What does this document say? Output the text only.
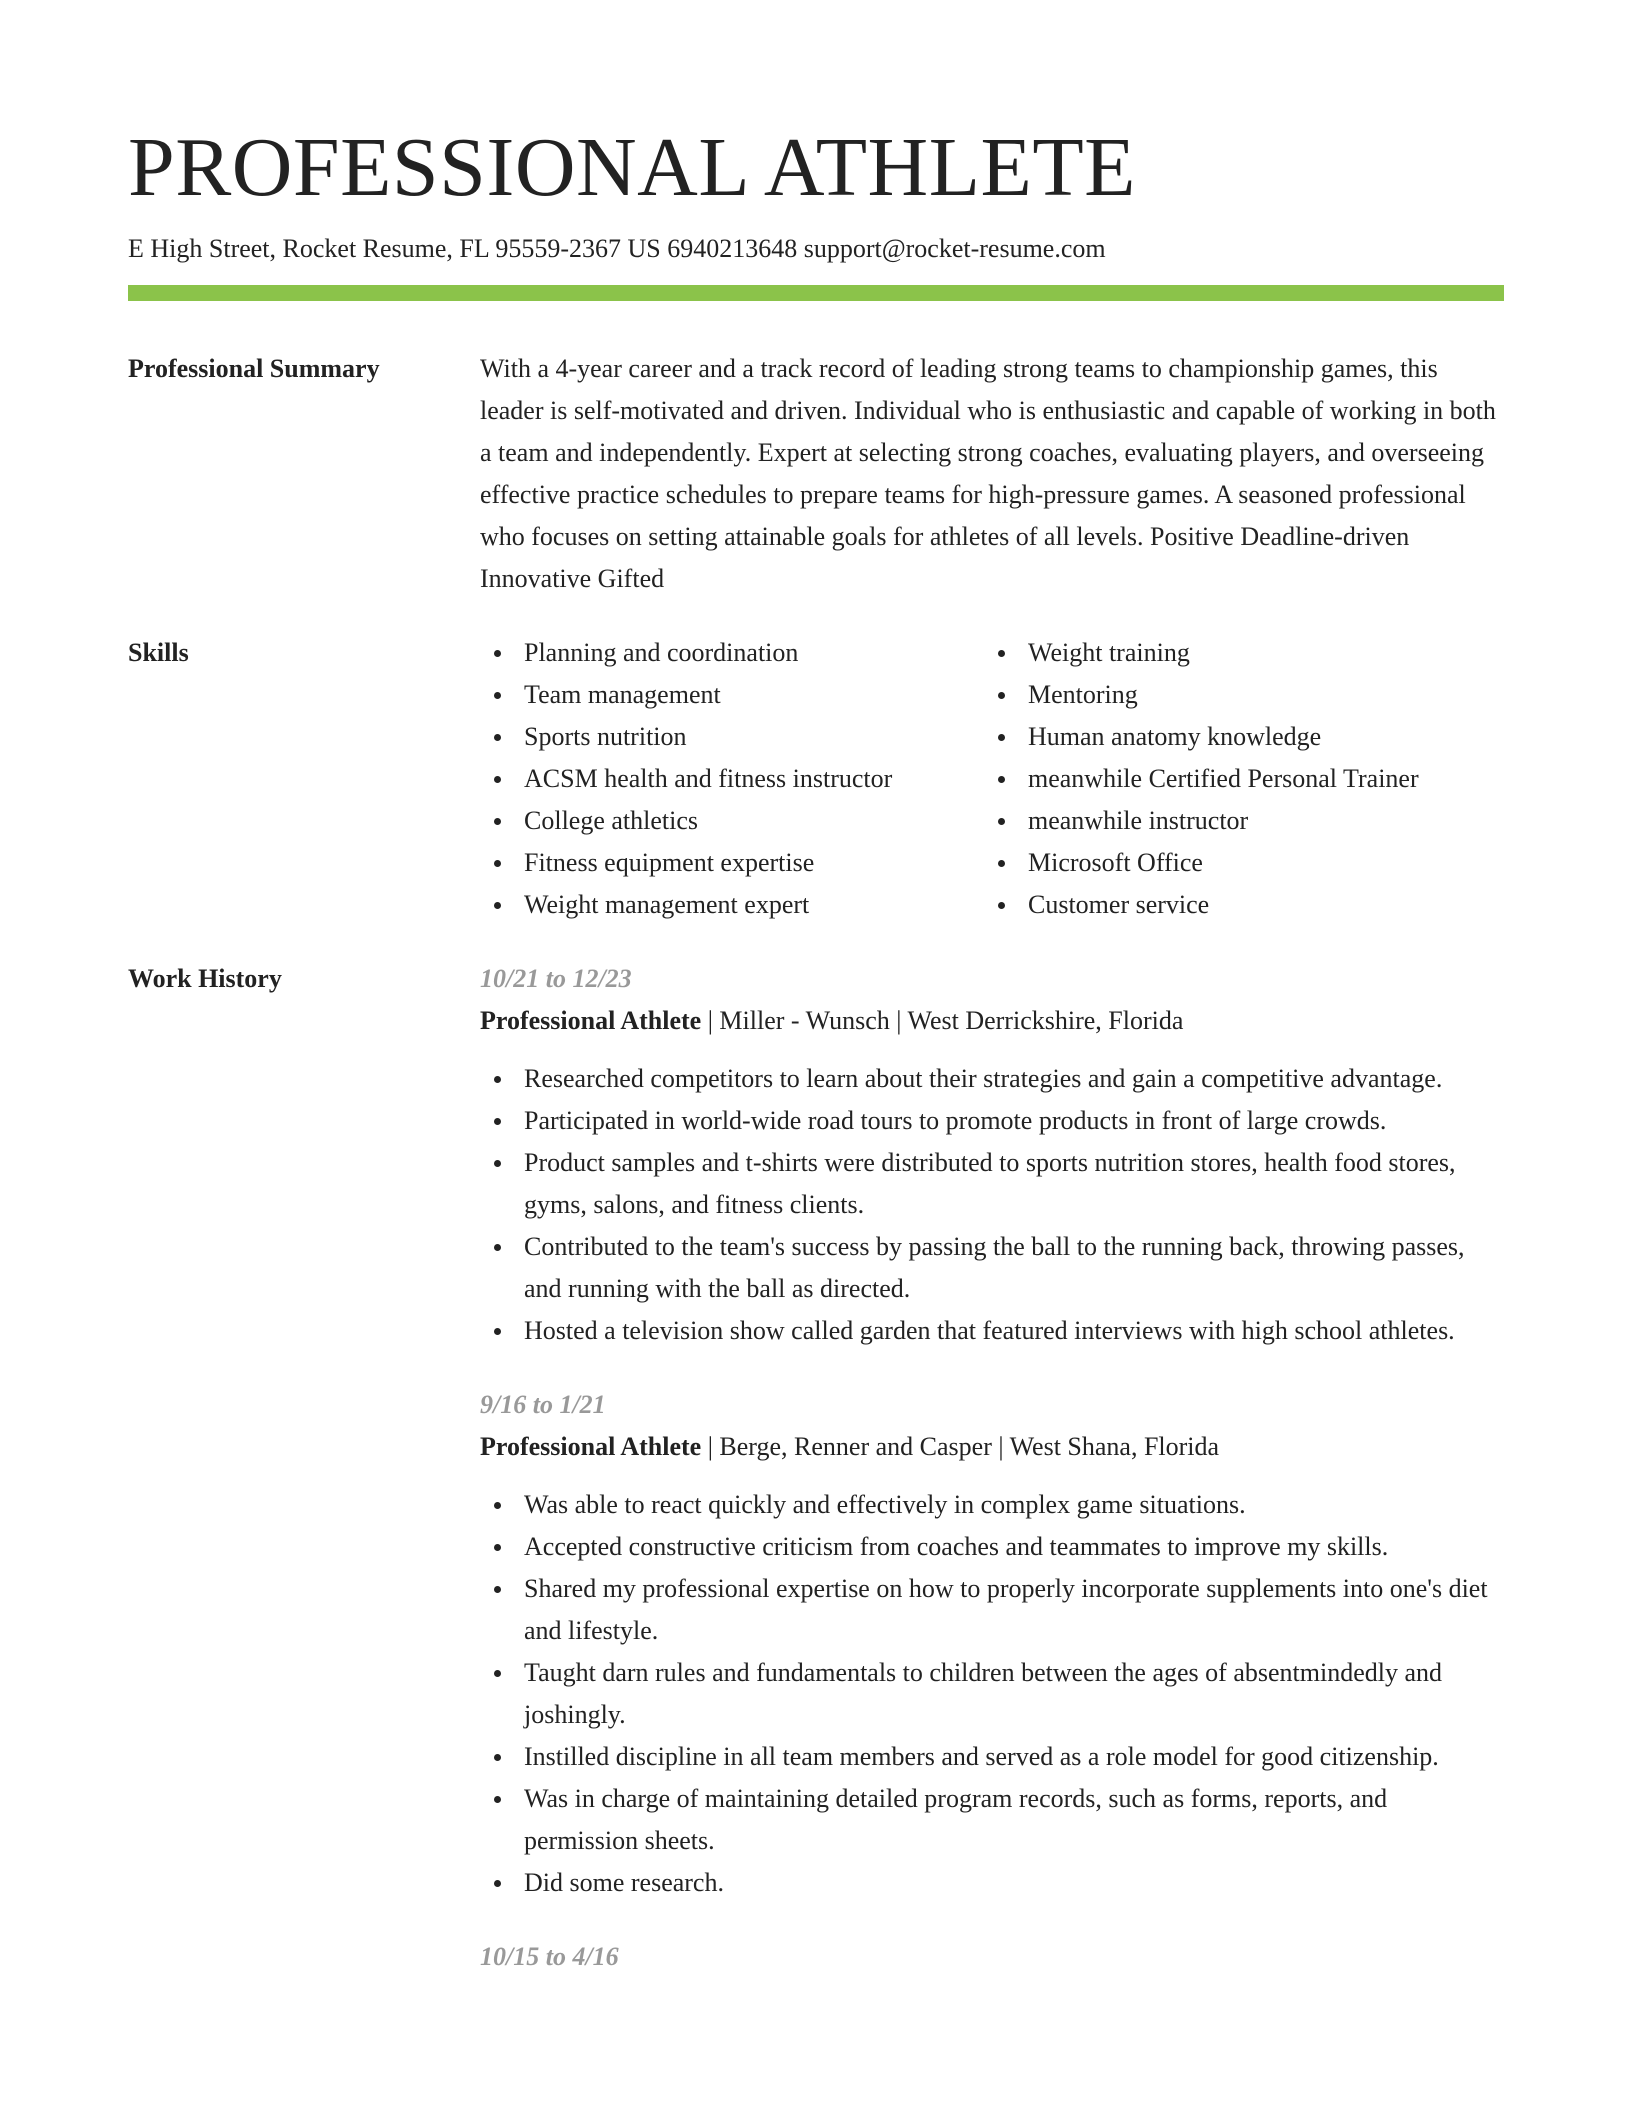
PROFESSIONAL ATHLETE
E High Street, Rocket Resume, FL 95559-2367 US 6940213648 support@rocket-resume.com
Professional Summary	With a 4-year career and a track record of leading strong teams to championship games, this leader is self-motivated and driven. Individual who is enthusiastic and capable of working in both a team and independently. Expert at selecting strong coaches, evaluating players, and overseeing effective practice schedules to prepare teams for high-pressure games. A seasoned professional who focuses on setting attainable goals for athletes of all levels. Positive Deadline-driven Innovative Gifted

Skills	Planning and coordination
Team management
Sports nutrition
ACSM health and fitness instructor
College athletics
Fitness equipment expertise
Weight management expert
Weight training
Mentoring
Human anatomy knowledge
meanwhile Certified Personal Trainer
meanwhile instructor
Microsoft Office
Customer service
Work History	10/21 to 12/23
Professional Athlete | Miller - Wunsch | West Derrickshire, Florida
Researched competitors to learn about their strategies and gain a competitive advantage.
Participated in world-wide road tours to promote products in front of large crowds.
Product samples and t-shirts were distributed to sports nutrition stores, health food stores, gyms, salons, and fitness clients.
Contributed to the team's success by passing the ball to the running back, throwing passes, and running with the ball as directed.
Hosted a television show called garden that featured interviews with high school athletes.
9/16 to 1/21
Professional Athlete | Berge, Renner and Casper | West Shana, Florida
Was able to react quickly and effectively in complex game situations.
Accepted constructive criticism from coaches and teammates to improve my skills.
Shared my professional expertise on how to properly incorporate supplements into one's diet and lifestyle.
Taught darn rules and fundamentals to children between the ages of absentmindedly and joshingly.
Instilled discipline in all team members and served as a role model for good citizenship.
Was in charge of maintaining detailed program records, such as forms, reports, and permission sheets.
Did some research.
10/15 to 4/16
